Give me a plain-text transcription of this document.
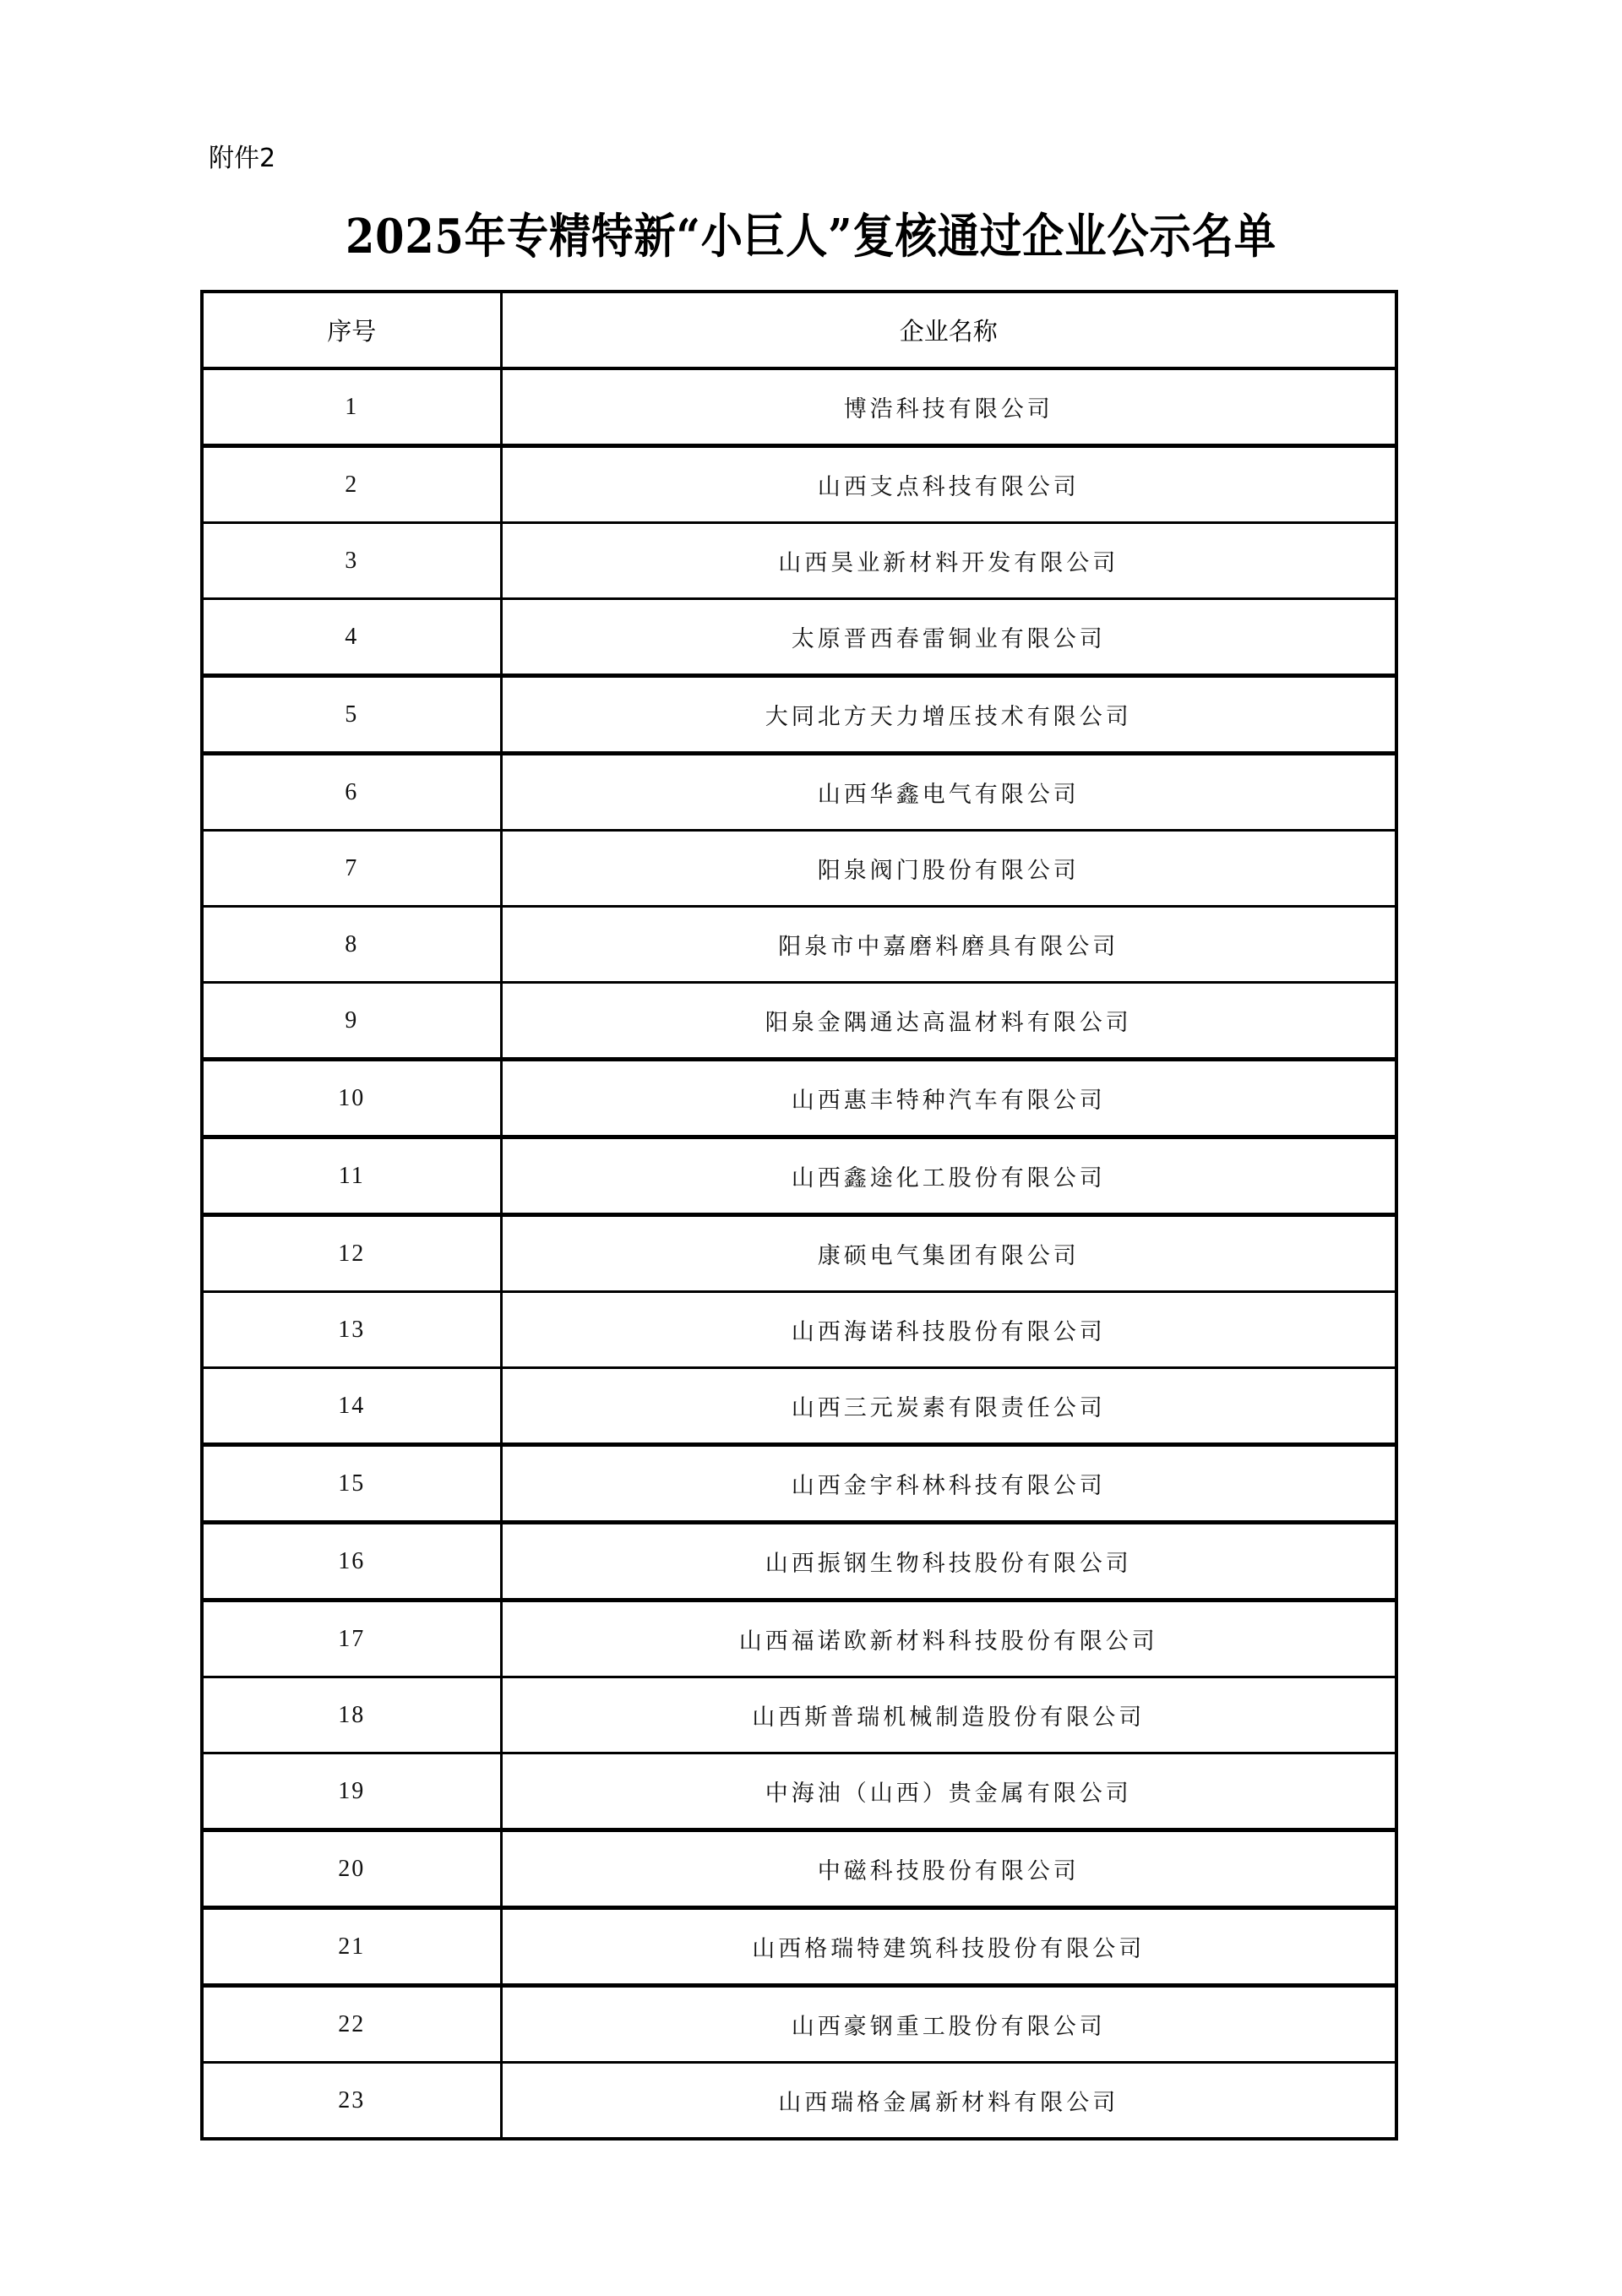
附件2
2025年专精特新“小巨人”复核通过企业公示名单
序号	企业名称
1	博浩科技有限公司
2	山西支点科技有限公司
3	山西昊业新材料开发有限公司
4	太原晋西春雷铜业有限公司
5	大同北方天力增压技术有限公司
6	山西华鑫电气有限公司
7	阳泉阀门股份有限公司
8	阳泉市中嘉磨料磨具有限公司
9	阳泉金隅通达高温材料有限公司
10	山西惠丰特种汽车有限公司
11	山西鑫途化工股份有限公司
12	康硕电气集团有限公司
13	山西海诺科技股份有限公司
14	山西三元炭素有限责任公司
15	山西金宇科林科技有限公司
16	山西振钢生物科技股份有限公司
17	山西福诺欧新材料科技股份有限公司
18	山西斯普瑞机械制造股份有限公司
19	中海油（山西）贵金属有限公司
20	中磁科技股份有限公司
21	山西格瑞特建筑科技股份有限公司
22	山西豪钢重工股份有限公司
23	山西瑞格金属新材料有限公司
